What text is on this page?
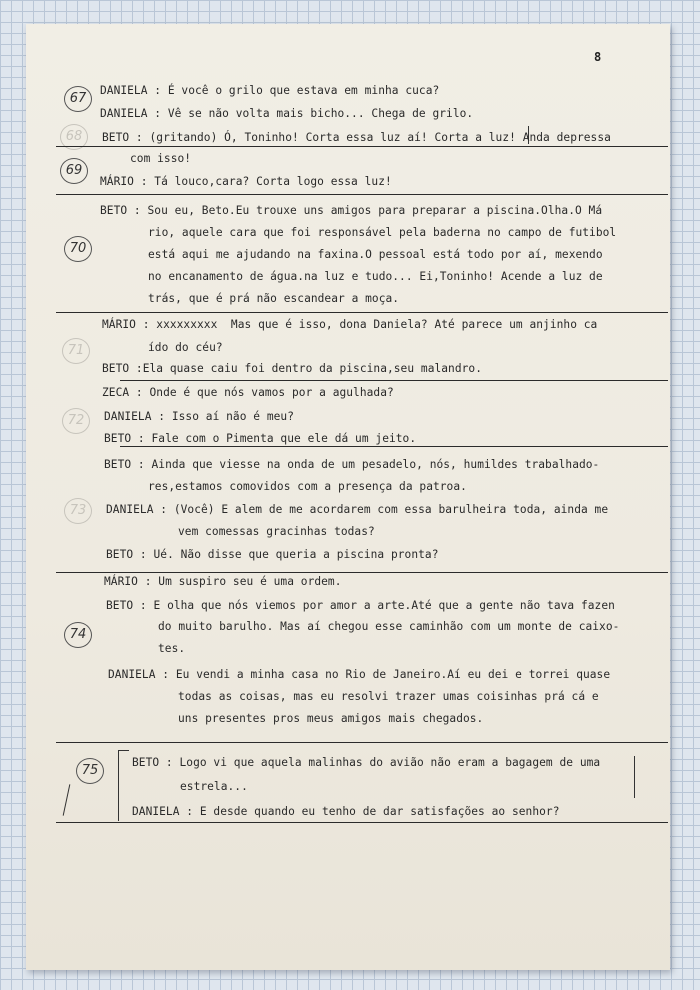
8
67
68
69
70
71
72
73
74
75
DANIELA : É você o grilo que estava em minha cuca?
DANIELA : Vê se não volta mais bicho... Chega de grilo.
BETO : (gritando) Ó, Toninho! Corta essa luz aí! Corta a luz! Anda depressa
com isso!
MÁRIO : Tá louco,cara? Corta logo essa luz!
BETO : Sou eu, Beto.Eu trouxe uns amigos para preparar a piscina.Olha.O Má
rio, aquele cara que foi responsável pela baderna no campo de futibol
está aqui me ajudando na faxina.O pessoal está todo por aí, mexendo
no encanamento de água.na luz e tudo... Ei,Toninho! Acende a luz de
trás, que é prá não escandear a moça.
MÁRIO : xxxxxxxxx  Mas que é isso, dona Daniela? Até parece um anjinho ca
ído do céu?
BETO :Ela quase caiu foi dentro da piscina,seu malandro.
ZECA : Onde é que nós vamos por a agulhada?
DANIELA : Isso aí não é meu?
BETO : Fale com o Pimenta que ele dá um jeito.
BETO : Ainda que viesse na onda de um pesadelo, nós, humildes trabalhado-
res,estamos comovidos com a presença da patroa.
DANIELA : (Você) E alem de me acordarem com essa barulheira toda, ainda me
vem comessas gracinhas todas?
BETO : Ué. Não disse que queria a piscina pronta?
MÁRIO : Um suspiro seu é uma ordem.
BETO : E olha que nós viemos por amor a arte.Até que a gente não tava fazen
do muito barulho. Mas aí chegou esse caminhão com um monte de caixo-
tes.
DANIELA : Eu vendi a minha casa no Rio de Janeiro.Aí eu dei e torrei quase
todas as coisas, mas eu resolvi trazer umas coisinhas prá cá e
uns presentes pros meus amigos mais chegados.
BETO : Logo vi que aquela malinhas do avião não eram a bagagem de uma
estrela...
DANIELA : E desde quando eu tenho de dar satisfações ao senhor?
